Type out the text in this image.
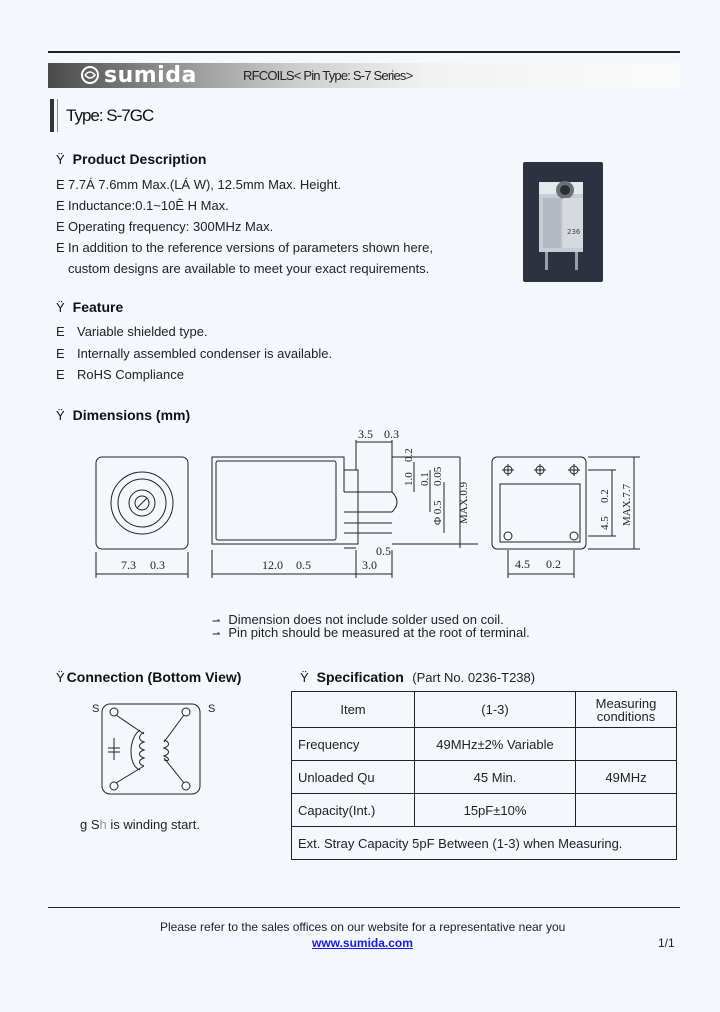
sumida	RFCOILS< Pin Type: S-7 Series>
Type: S-7GC
Ÿ Product Description
E 7.7Á 7.6mm Max.(LÁ W), 12.5mm Max. Height.
E Inductance:0.1~10Ê H Max.
E Operating frequency: 300MHz Max.
E In addition to the reference versions of parameters shown here,
custom designs are available to meet your exact requirements.
236
Ÿ Feature
E Variable shielded type.
E Internally assembled condenser is available.
E RoHS Compliance
Ÿ Dimensions (mm)
7.3 0.3	12.0 0.5	3.0
0.5
3.5 0.3
4.5 0.2
1.0
0.2
0.1 0.05
Φ 0.5 MAX.0.9	4.5
0.2 MAX.7.7
⇀ Dimension does not include solder used on coil.
⇀ Pin pitch should be measured at the root of terminal.
Ÿ Connection (Bottom View)
S	S
g Sh is winding start.
Ÿ Specification (Part No. 0236-T238)
Item	(1-3)	Measuring conditions
Frequency	49MHz±2% Variable	
Unloaded Qu	45 Min.	49MHz
Capacity(Int.)	15pF±10%	
Ext. Stray Capacity 5pF Between (1-3) when Measuring.		
Please refer to the sales offices on our website for a representative near you
www.sumida.com	1/1
